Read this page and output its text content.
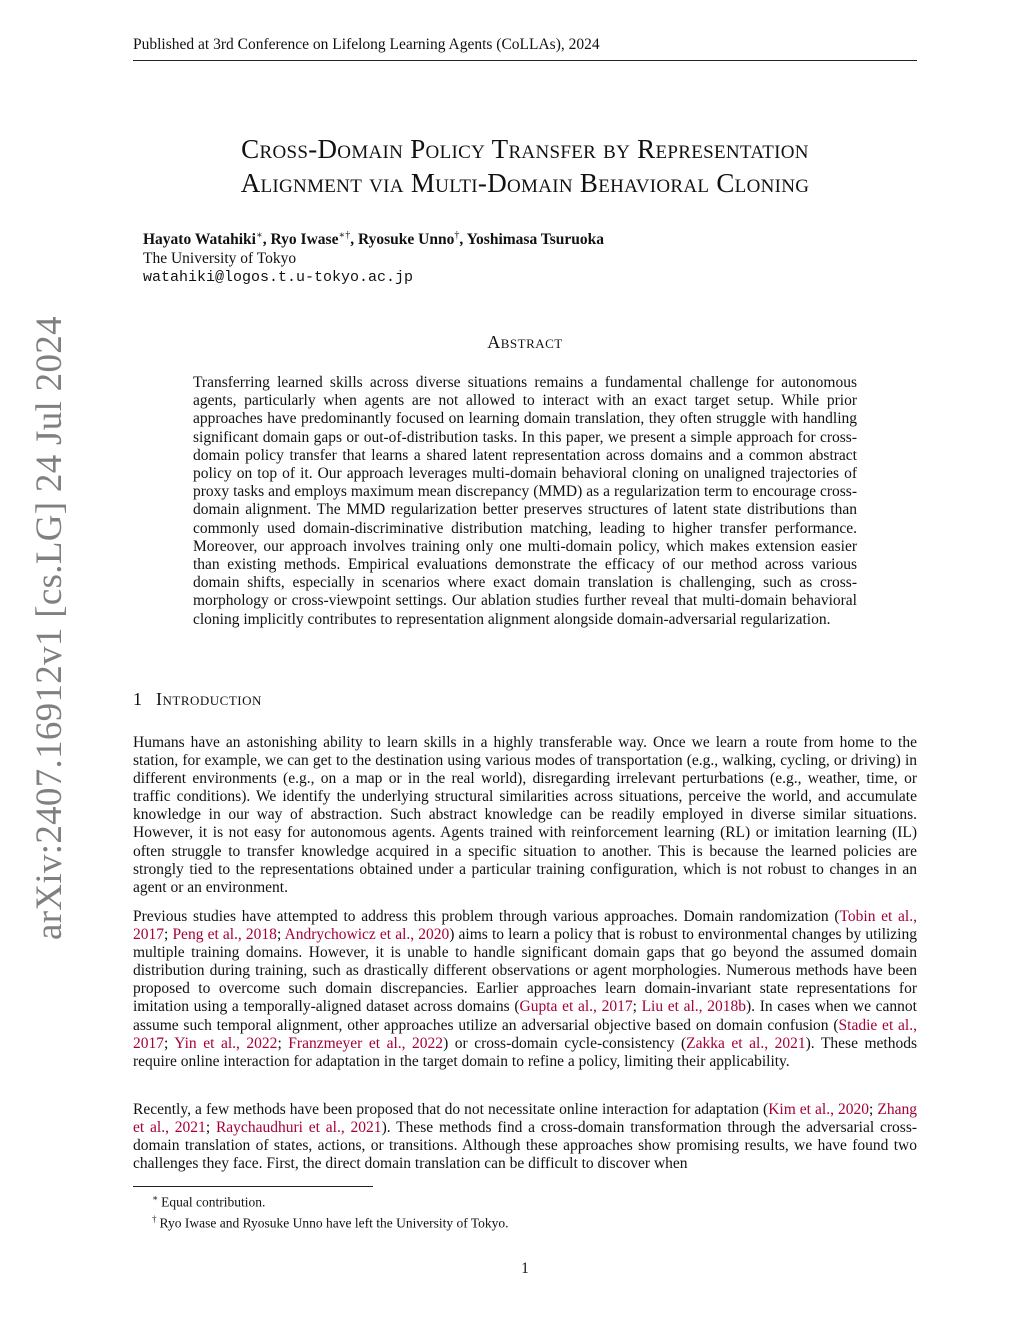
Published at 3rd Conference on Lifelong Learning Agents (CoLLAs), 2024
Cross-Domain Policy Transfer by Representation
Alignment via Multi-Domain Behavioral Cloning
Hayato Watahiki∗, Ryo Iwase∗†, Ryosuke Unno†, Yoshimasa Tsuruoka
The University of Tokyo
watahiki@logos.t.u-tokyo.ac.jp
Abstract
Transferring learned skills across diverse situations remains a fundamental challenge for autonomous agents, particularly when agents are not allowed to interact with an exact target setup. While prior approaches have predominantly focused on learning domain translation, they often struggle with handling significant domain gaps or out-of-distribution tasks. In this paper, we present a simple approach for cross-domain policy transfer that learns a shared latent representation across domains and a common abstract policy on top of it. Our approach leverages multi-domain behavioral cloning on unaligned trajectories of proxy tasks and employs maximum mean discrepancy (MMD) as a regularization term to encourage cross-domain alignment. The MMD regularization better preserves structures of latent state distributions than commonly used domain-discriminative distribution matching, leading to higher transfer performance. Moreover, our approach involves training only one multi-domain policy, which makes extension easier than existing methods. Empirical evaluations demonstrate the efficacy of our method across various domain shifts, especially in scenarios where exact domain translation is challenging, such as cross-morphology or cross-viewpoint settings. Our ablation studies further reveal that multi-domain behavioral cloning implicitly contributes to representation alignment alongside domain-adversarial regularization.
arXiv:2407.16912v1 [cs.LG] 24 Jul 2024	1 Introduction
Humans have an astonishing ability to learn skills in a highly transferable way. Once we learn a route from home to the station, for example, we can get to the destination using various modes of transportation (e.g., walking, cycling, or driving) in different environments (e.g., on a map or in the real world), disregarding irrelevant perturbations (e.g., weather, time, or traffic conditions). We identify the underlying structural similarities across situations, perceive the world, and accumulate knowledge in our way of abstraction. Such abstract knowledge can be readily employed in diverse similar situations. However, it is not easy for autonomous agents. Agents trained with reinforcement learning (RL) or imitation learning (IL) often struggle to transfer knowledge acquired in a specific situation to another. This is because the learned policies are strongly tied to the representations obtained under a particular training configuration, which is not robust to changes in an agent or an environment.
Previous studies have attempted to address this problem through various approaches. Domain randomization (Tobin et al., 2017; Peng et al., 2018; Andrychowicz et al., 2020) aims to learn a policy that is robust to environmental changes by utilizing multiple training domains. However, it is unable to handle significant domain gaps that go beyond the assumed domain distribution during training, such as drastically different observations or agent morphologies. Numerous methods have been proposed to overcome such domain discrepancies. Earlier approaches learn domain-invariant state representations for imitation using a temporally-aligned dataset across domains (Gupta et al., 2017; Liu et al., 2018b). In cases when we cannot assume such temporal alignment, other approaches utilize an adversarial objective based on domain confusion (Stadie et al., 2017; Yin et al., 2022; Franzmeyer et al., 2022) or cross-domain cycle-consistency (Zakka et al., 2021). These methods require online interaction for adaptation in the target domain to refine a policy, limiting their applicability.
Recently, a few methods have been proposed that do not necessitate online interaction for adaptation (Kim et al., 2020; Zhang et al., 2021; Raychaudhuri et al., 2021). These methods find a cross-domain transformation through the adversarial cross-domain translation of states, actions, or transitions. Although these approaches show promising results, we have found two challenges they face. First, the direct domain translation can be difficult to discover when
∗ Equal contribution.
† Ryo Iwase and Ryosuke Unno have left the University of Tokyo.
1
